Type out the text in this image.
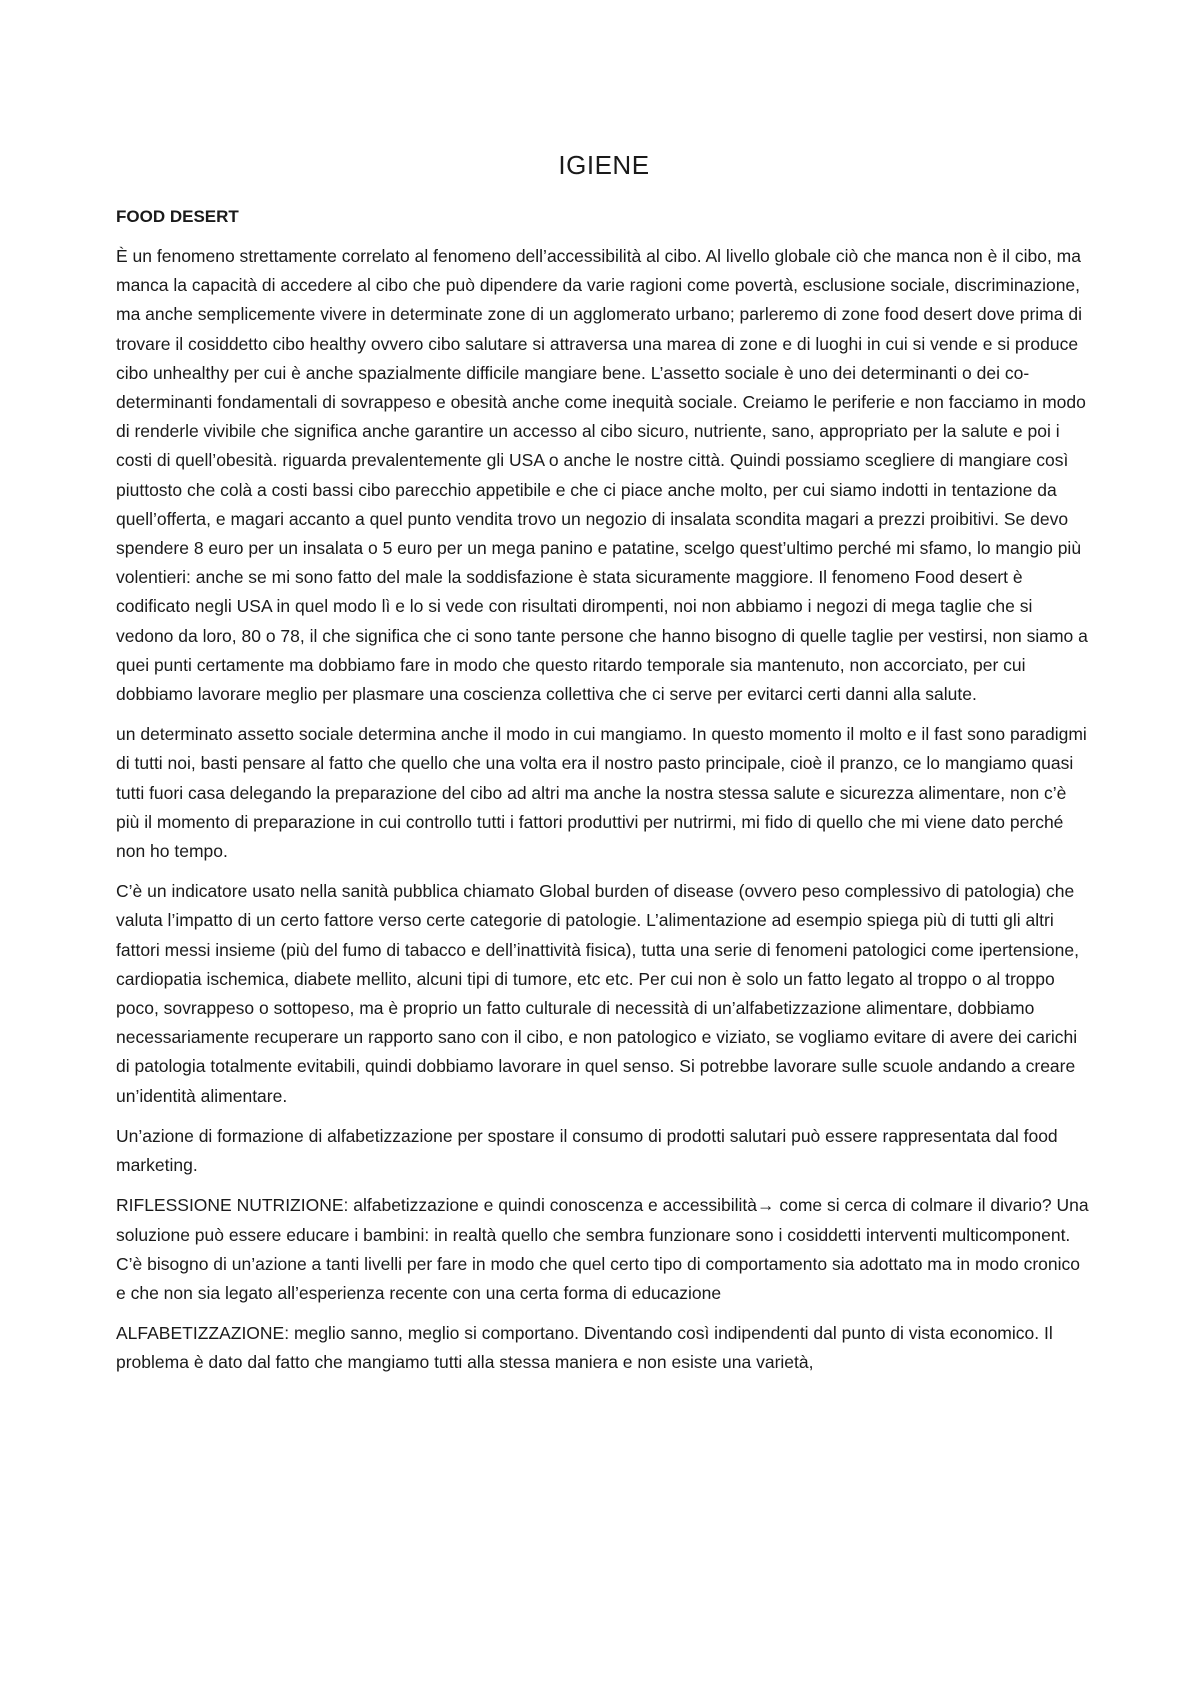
IGIENE
FOOD DESERT

È un fenomeno strettamente correlato al fenomeno dell’accessibilità al cibo. Al livello globale ciò che manca non è il cibo, ma manca la capacità di accedere al cibo che può dipendere da varie ragioni come povertà, esclusione sociale, discriminazione, ma anche semplicemente vivere in determinate zone di un agglomerato urbano; parleremo di zone food desert dove prima di trovare il cosiddetto cibo healthy ovvero cibo salutare si attraversa una marea di zone e di luoghi in cui si vende e si produce cibo unhealthy per cui è anche spazialmente difficile mangiare bene. L’assetto sociale è uno dei determinanti o dei co-determinanti fondamentali di sovrappeso e obesità anche come inequità sociale. Creiamo le periferie e non facciamo in modo di renderle vivibile che significa anche garantire un accesso al cibo sicuro, nutriente, sano, appropriato per la salute e poi i costi di quell’obesità. riguarda prevalentemente gli USA o anche le nostre città. Quindi possiamo scegliere di mangiare così piuttosto che colà a costi bassi cibo parecchio appetibile e che ci piace anche molto, per cui siamo indotti in tentazione da quell’offerta, e magari accanto a quel punto vendita trovo un negozio di insalata scondita magari a prezzi proibitivi. Se devo spendere 8 euro per un insalata o 5 euro per un mega panino e patatine, scelgo quest’ultimo perché mi sfamo, lo mangio più volentieri: anche se mi sono fatto del male la soddisfazione è stata sicuramente maggiore. Il fenomeno Food desert è codificato negli USA in quel modo lì e lo si vede con risultati dirompenti, noi non abbiamo i negozi di mega taglie che si vedono da loro, 80 o 78, il che significa che ci sono tante persone che hanno bisogno di quelle taglie per vestirsi, non siamo a quei punti certamente ma dobbiamo fare in modo che questo ritardo temporale sia mantenuto, non accorciato, per cui dobbiamo lavorare meglio per plasmare una coscienza collettiva che ci serve per evitarci certi danni alla salute.

un determinato assetto sociale determina anche il modo in cui mangiamo. In questo momento il molto e il fast sono paradigmi di tutti noi, basti pensare al fatto che quello che una volta era il nostro pasto principale, cioè il pranzo, ce lo mangiamo quasi tutti fuori casa delegando la preparazione del cibo ad altri ma anche la nostra stessa salute e sicurezza alimentare, non c’è più il momento di preparazione in cui controllo tutti i fattori produttivi per nutrirmi, mi fido di quello che mi viene dato perché non ho tempo.

C’è un indicatore usato nella sanità pubblica chiamato Global burden of disease (ovvero peso complessivo di patologia) che valuta l’impatto di un certo fattore verso certe categorie di patologie. L’alimentazione ad esempio spiega più di tutti gli altri fattori messi insieme (più del fumo di tabacco e dell’inattività fisica), tutta una serie di fenomeni patologici come ipertensione, cardiopatia ischemica, diabete mellito, alcuni tipi di tumore, etc etc. Per cui non è solo un fatto legato al troppo o al troppo poco, sovrappeso o sottopeso, ma è proprio un fatto culturale di necessità di un’alfabetizzazione alimentare, dobbiamo necessariamente recuperare un rapporto sano con il cibo, e non patologico e viziato, se vogliamo evitare di avere dei carichi di patologia totalmente evitabili, quindi dobbiamo lavorare in quel senso. Si potrebbe lavorare sulle scuole andando a creare un’identità alimentare.

Un’azione di formazione di alfabetizzazione per spostare il consumo di prodotti salutari può essere rappresentata dal food marketing.

RIFLESSIONE NUTRIZIONE: alfabetizzazione e quindi conoscenza e accessibilità→ come si cerca di colmare il divario? Una soluzione può essere educare i bambini: in realtà quello che sembra funzionare sono i cosiddetti interventi multicomponent. C’è bisogno di un’azione a tanti livelli per fare in modo che quel certo tipo di comportamento sia adottato ma in modo cronico e che non sia legato all’esperienza recente con una certa forma di educazione

ALFABETIZZAZIONE: meglio sanno, meglio si comportano. Diventando così indipendenti dal punto di vista economico. Il problema è dato dal fatto che mangiamo tutti alla stessa maniera e non esiste una varietà,
